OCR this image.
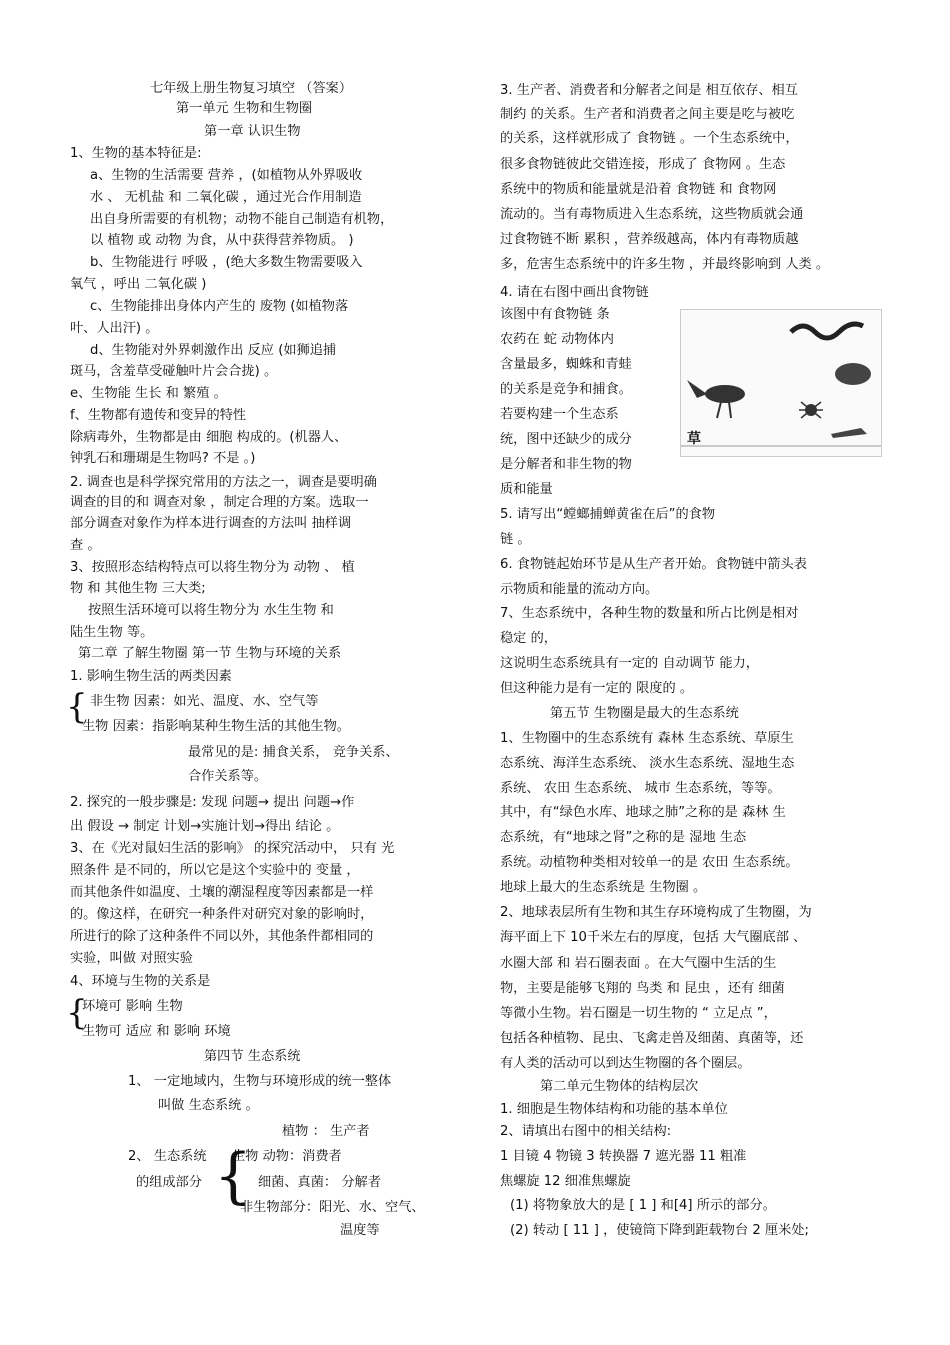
七年级上册生物复习填空 （答案）
第一单元 生物和生物圈
第一章 认识生物
1、生物的基本特征是:
a、生物的生活需要 营养 ，(如植物从外界吸收
水 、 无机盐 和 二氧化碳 ，通过光合作用制造
出自身所需要的有机物；动物不能自己制造有机物，
以 植物 或 动物 为食，从中获得营养物质。 )
b、生物能进行 呼吸 ，(绝大多数生物需要吸入
氧气 ，呼出 二氧化碳 )
c、生物能排出身体内产生的 废物 (如植物落
叶、人出汗) 。
d、生物能对外界刺激作出 反应 (如狮追捕
斑马，含羞草受碰触叶片会合拢) 。
e、生物能 生长 和 繁殖 。
f、生物都有遗传和变异的特性
除病毒外，生物都是由 细胞 构成的。(机器人、
钟乳石和珊瑚是生物吗? 不是 。)
2. 调查也是科学探究常用的方法之一，调查是要明确
调查的目的和 调查对象 ，制定合理的方案。选取一
部分调查对象作为样本进行调查的方法叫 抽样调
查 。
3、按照形态结构特点可以将生物分为 动物 、 植
物 和 其他生物 三大类;
按照生活环境可以将生物分为 水生生物 和
陆生生物 等。
第二章 了解生物圈 第一节 生物与环境的关系
1. 影响生物生活的两类因素
非生物 因素：如光、温度、水、空气等
生物 因素：指影响某种生物生活的其他生物。
最常见的是: 捕食关系， 竞争关系、
合作关系等。
2. 探究的一般步骤是: 发现 问题→ 提出 问题→作
出 假设 → 制定 计划→实施计划→得出 结论 。
3、在《光对鼠妇生活的影响》 的探究活动中， 只有 光
照条件 是不同的，所以它是这个实验中的 变量 ，
而其他条件如温度、土壤的潮湿程度等因素都是一样
的。像这样，在研究一种条件对研究对象的影响时，
所进行的除了这种条件不同以外，其他条件都相同的
实验，叫做 对照实验
4、环境与生物的关系是
环境可 影响 生物
生物可 适应 和 影响 环境
第四节 生态系统
1、 一定地域内，生物与环境形成的统一整体
叫做 生态系统 。
植物 ： 生产者
2、 生态系统 生物 动物：消费者
的组成部分	细菌、真菌： 分解者
非生物部分：阳光、水、空气、
温度等
3. 生产者、消费者和分解者之间是 相互依存、相互
制约 的关系。生产者和消费者之间主要是吃与被吃
的关系，这样就形成了 食物链 。一个生态系统中，
很多食物链彼此交错连接，形成了 食物网 。生态
系统中的物质和能量就是沿着 食物链 和 食物网
流动的。当有毒物质进入生态系统，这些物质就会通
过食物链不断 累积 ，营养级越高，体内有毒物质越
多，危害生态系统中的许多生物 ，并最终影响到 人类 。
4. 请在右图中画出食物链
该图中有食物链 条
农药在 蛇 动物体内
含量最多，蜘蛛和青蛙
的关系是竞争和捕食。
若要构建一个生态系
统，图中还缺少的成分
是分解者和非生物的物
质和能量
5. 请写出“螳螂捕蝉黄雀在后”的食物
链 。
6. 食物链起始环节是从生产者开始。食物链中箭头表
示物质和能量的流动方向。
7、生态系统中，各种生物的数量和所占比例是相对
稳定 的，
这说明生态系统具有一定的 自动调节 能力，
但这种能力是有一定的 限度的 。
第五节 生物圈是最大的生态系统
1、生物圈中的生态系统有 森林 生态系统、草原生
态系统、海洋生态系统、 淡水生态系统、湿地生态
系统、 农田 生态系统、 城市 生态系统，等等。
其中，有“绿色水库、地球之肺”之称的是 森林 生
态系统，有“地球之肾”之称的是 湿地 生态
系统。动植物种类相对较单一的是 农田 生态系统。
地球上最大的生态系统是 生物圈 。
2、地球表层所有生物和其生存环境构成了生物圈，为
海平面上下 10千米左右的厚度，包括 大气圈底部 、
水圈大部 和 岩石圈表面 。在大气圈中生活的生
物，主要是能够飞翔的 鸟类 和 昆虫 ，还有 细菌
等微小生物。岩石圈是一切生物的 “ 立足点 ”，
包括各种植物、昆虫、飞禽走兽及细菌、真菌等，还
有人类的活动可以到达生物圈的各个圈层。
第二单元生物体的结构层次
1. 细胞是生物体结构和功能的基本单位
2、请填出右图中的相关结构:
1 目镜 4 物镜 3 转换器 7 遮光器 11 粗准
焦螺旋 12 细准焦螺旋
(1) 将物象放大的是 [ 1 ] 和[4] 所示的部分。
(2) 转动 [ 11 ] ，使镜筒下降到距载物台 2 厘米处;
{
{
{
草
